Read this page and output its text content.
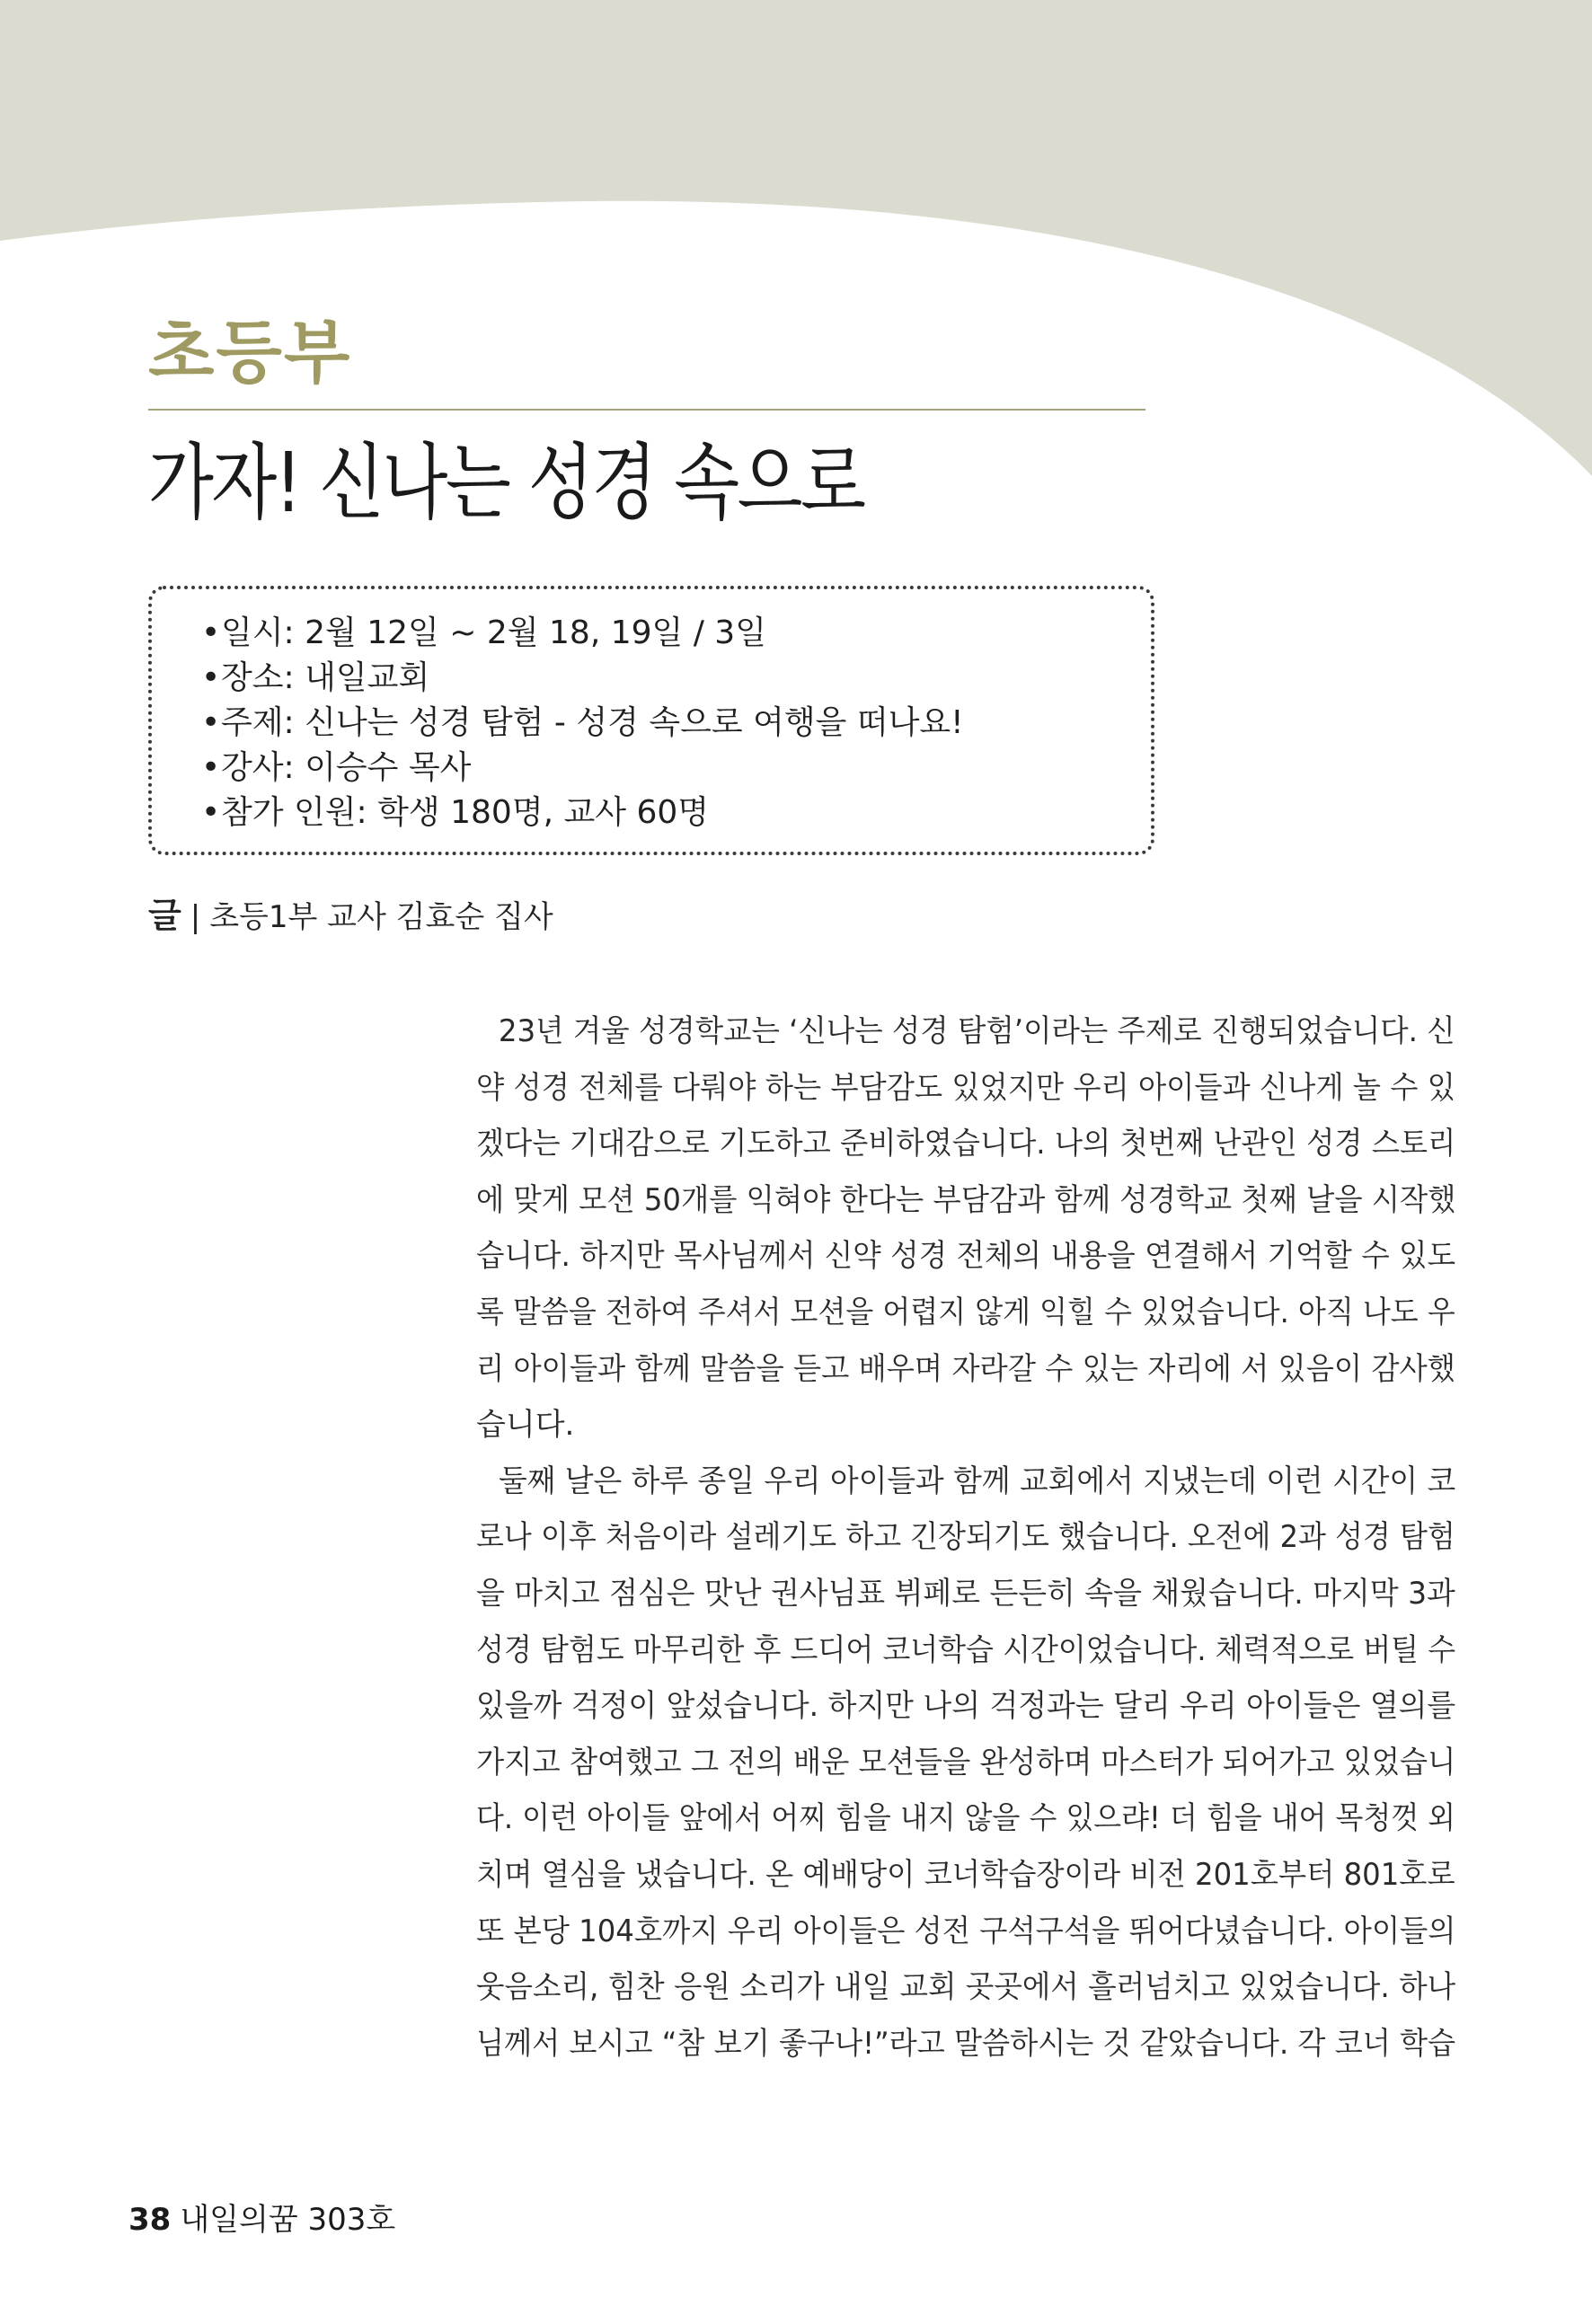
초등부
가자! 신나는 성경 속으로
•일시: 2월 12일 ~ 2월 18, 19일 / 3일
•장소: 내일교회
•주제: 신나는 성경 탐험 - 성경 속으로 여행을 떠나요!
•강사: 이승수 목사
•참가 인원: 학생 180명, 교사 60명
글 | 초등1부 교사 김효순 집사
23년 겨울 성경학교는 ‘신나는 성경 탐험’이라는 주제로 진행되었습니다. 신
약 성경 전체를 다뤄야 하는 부담감도 있었지만 우리 아이들과 신나게 놀 수 있
겠다는 기대감으로 기도하고 준비하였습니다. 나의 첫번째 난관인 성경 스토리
에 맞게 모션 50개를 익혀야 한다는 부담감과 함께 성경학교 첫째 날을 시작했
습니다. 하지만 목사님께서 신약 성경 전체의 내용을 연결해서 기억할 수 있도
록 말씀을 전하여 주셔서 모션을 어렵지 않게 익힐 수 있었습니다. 아직 나도 우
리 아이들과 함께 말씀을 듣고 배우며 자라갈 수 있는 자리에 서 있음이 감사했
습니다.
둘째 날은 하루 종일 우리 아이들과 함께 교회에서 지냈는데 이런 시간이 코
로나 이후 처음이라 설레기도 하고 긴장되기도 했습니다. 오전에 2과 성경 탐험
을 마치고 점심은 맛난 권사님표 뷔페로 든든히 속을 채웠습니다. 마지막 3과
성경 탐험도 마무리한 후 드디어 코너학습 시간이었습니다. 체력적으로 버틸 수
있을까 걱정이 앞섰습니다. 하지만 나의 걱정과는 달리 우리 아이들은 열의를
가지고 참여했고 그 전의 배운 모션들을 완성하며 마스터가 되어가고 있었습니
다. 이런 아이들 앞에서 어찌 힘을 내지 않을 수 있으랴! 더 힘을 내어 목청껏 외
치며 열심을 냈습니다. 온 예배당이 코너학습장이라 비전 201호부터 801호로
또 본당 104호까지 우리 아이들은 성전 구석구석을 뛰어다녔습니다. 아이들의
웃음소리, 힘찬 응원 소리가 내일 교회 곳곳에서 흘러넘치고 있었습니다. 하나
님께서 보시고 “참 보기 좋구나!”라고 말씀하시는 것 같았습니다. 각 코너 학습
38 내일의꿈 303호
